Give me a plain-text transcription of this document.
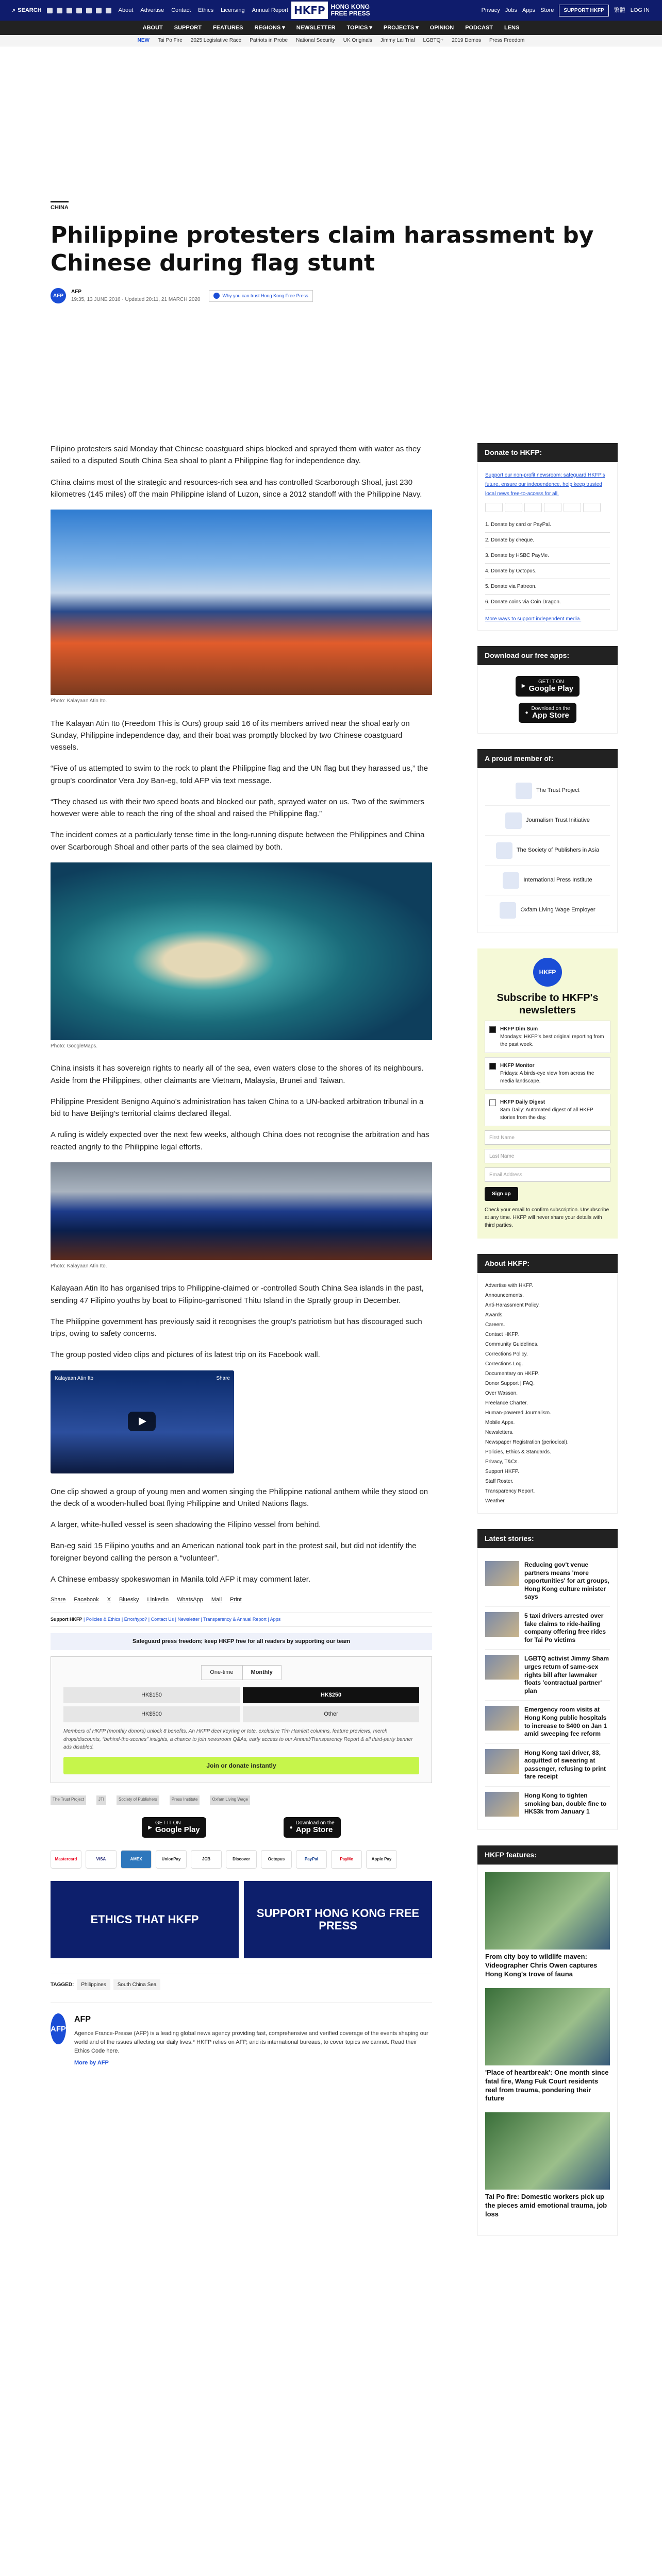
⌕ SEARCH	About Advertise Contact Ethics Licensing Annual Report HKFP HONG KONG
FREE PRESS	Privacy Jobs Apps Store	SUPPORT HKFP	繁體 LOG IN
ABOUT SUPPORT FEATURES REGIONS ▾ NEWSLETTER TOPICS ▾ PROJECTS ▾ OPINION PODCAST LENS
NEW Tai Po Fire 2025 Legislative Race Patriots in Probe National Security UK Originals Jimmy Lai Trial LGBTQ+ 2019 Demos Press Freedom
CHINA
Philippine protesters claim harassment by Chinese during flag stunt
AFP
AFP
19:35, 13 JUNE 2016 · Updated 20:11, 21 MARCH 2020
Why you can trust Hong Kong Free Press

Filipino protesters said Monday that Chinese coastguard ships blocked and sprayed them with water as they sailed to a disputed South China Sea shoal to plant a Philippine flag for independence day.

China claims most of the strategic and resources-rich sea and has controlled Scarborough Shoal, just 230 kilometres (145 miles) off the main Philippine island of Luzon, since a 2012 standoff with the Philippine Navy.

Photo: Kalayaan Atin Ito.

The Kalayan Atin Ito (Freedom This is Ours) group said 16 of its members arrived near the shoal early on Sunday, Philippine independence day, and their boat was promptly blocked by two Chinese coastguard vessels.

“Five of us attempted to swim to the rock to plant the Philippine flag and the UN flag but they harassed us,” the group's coordinator Vera Joy Ban-eg, told AFP via text message.

“They chased us with their two speed boats and blocked our path, sprayed water on us. Two of the swimmers however were able to reach the ring of the shoal and raised the Philippine flag.”

The incident comes at a particularly tense time in the long-running dispute between the Philippines and China over Scarborough Shoal and other parts of the sea claimed by both.

Photo: GoogleMaps.

China insists it has sovereign rights to nearly all of the sea, even waters close to the shores of its neighbours. Aside from the Philippines, other claimants are Vietnam, Malaysia, Brunei and Taiwan.

Philippine President Benigno Aquino's administration has taken China to a UN-backed arbitration tribunal in a bid to have Beijing's territorial claims declared illegal.

A ruling is widely expected over the next few weeks, although China does not recognise the arbitration and has reacted angrily to the Philippine legal efforts.

Photo: Kalayaan Atin Ito.

Kalayaan Atin Ito has organised trips to Philippine-claimed or -controlled South China Sea islands in the past, sending 47 Filipino youths by boat to Filipino-garrisoned Thitu Island in the Spratly group in December.

The Philippine government has previously said it recognises the group's patriotism but has discouraged such trips, owing to safety concerns.

The group posted video clips and pictures of its latest trip on its Facebook wall.

Kalayaan Atin Ito	Share

One clip showed a group of young men and women singing the Philippine national anthem while they stood on the deck of a wooden-hulled boat flying Philippine and United Nations flags.

A larger, white-hulled vessel is seen shadowing the Filipino vessel from behind.

Ban-eg said 15 Filipino youths and an American national took part in the protest sail, but did not identify the foreigner beyond calling the person a “volunteer”.

A Chinese embassy spokeswoman in Manila told AFP it may comment later.

Share Facebook X Bluesky LinkedIn WhatsApp Mail Print
Support HKFP | Policies & Ethics | Error/typo? | Contact Us | Newsletter | Transparency & Annual Report | Apps
Safeguard press freedom; keep HKFP free for all readers by supporting our team
One-time	Monthly
HK$150	HK$250
HK$500	Other
Members of HKFP (monthly donors) unlock 8 benefits. An HKFP deer keyring or tote, exclusive Tim Hamlett columns, feature previews, merch drops/discounts, “behind-the-scenes” insights, a chance to join newsroom Q&As, early access to our Annual/Transparency Report & all third-party banner ads disabled.
Join or donate instantly
The Trust Project	JTI	Society of Publishers	Press Institute	Oxfam Living Wage
▶
GET IT ON
Google Play	●
Download on the
App Store
Mastercard	VISA	AMEX	UnionPay	JCB	Discover	Octopus	PayPal	PayMe	Apple Pay
ETHICS THAT HKFP	SUPPORT HONG KONG FREE PRESS
TAGGED:	Philippines	South China Sea
AFP
AFP
Agence France-Presse (AFP) is a leading global news agency providing fast, comprehensive and verified coverage of the events shaping our world and of the issues affecting our daily lives.* HKFP relies on AFP, and its international bureaus, to cover topics we cannot. Read their Ethics Code here.
More by AFP
Donate to HKFP:
Support our non-profit newsroom: safeguard HKFP's future, ensure our independence, help keep trusted local news free-to-access for all.
1. Donate by card or PayPal.
2. Donate by cheque.
3. Donate by HSBC PayMe.
4. Donate by Octopus.
5. Donate via Patreon.
6. Donate coins via Coin Dragon.
More ways to support independent media.
Download our free apps:
▶
GET IT ON
Google Play

●
Download on the
App Store
A proud member of:
The Trust Project
Journalism Trust Initiative
The Society of Publishers in Asia
International Press Institute
Oxfam Living Wage Employer
HKFP
Subscribe to HKFP's newsletters
HKFP Dim Sum
Mondays: HKFP's best original reporting from the past week.
HKFP Monitor
Fridays: A birds-eye view from across the media landscape.
HKFP Daily Digest
8am Daily: Automated digest of all HKFP stories from the day.
First Name
Last Name
Email Address
Sign up
Check your email to confirm subscription. Unsubscribe at any time. HKFP will never share your details with third parties.
About HKFP:
Advertise with HKFP.
Announcements.
Anti-Harassment Policy.
Awards.
Careers.
Contact HKFP.
Community Guidelines.
Corrections Policy.
Corrections Log.
Documentary on HKFP.
Donor Support | FAQ.
Over Wasson.
Freelance Charter.
Human-powered Journalism.
Mobile Apps.
Newsletters.
Newspaper Registration (periodical).
Policies, Ethics & Standards.
Privacy, T&Cs.
Support HKFP.
Staff Roster.
Transparency Report.
Weather.
Latest stories:
Reducing gov't venue partners means 'more opportunities' for art groups, Hong Kong culture minister says
5 taxi drivers arrested over fake claims to ride-hailing company offering free rides for Tai Po victims
LGBTQ activist Jimmy Sham urges return of same-sex rights bill after lawmaker floats 'contractual partner' plan
Emergency room visits at Hong Kong public hospitals to increase to $400 on Jan 1 amid sweeping fee reform
Hong Kong taxi driver, 83, acquitted of swearing at passenger, refusing to print fare receipt
Hong Kong to tighten smoking ban, double fine to HK$3k from January 1
HKFP features:
From city boy to wildlife maven: Videographer Chris Owen captures Hong Kong's trove of fauna
'Place of heartbreak': One month since fatal fire, Wang Fuk Court residents reel from trauma, pondering their future
Tai Po fire: Domestic workers pick up the pieces amid emotional trauma, job loss
